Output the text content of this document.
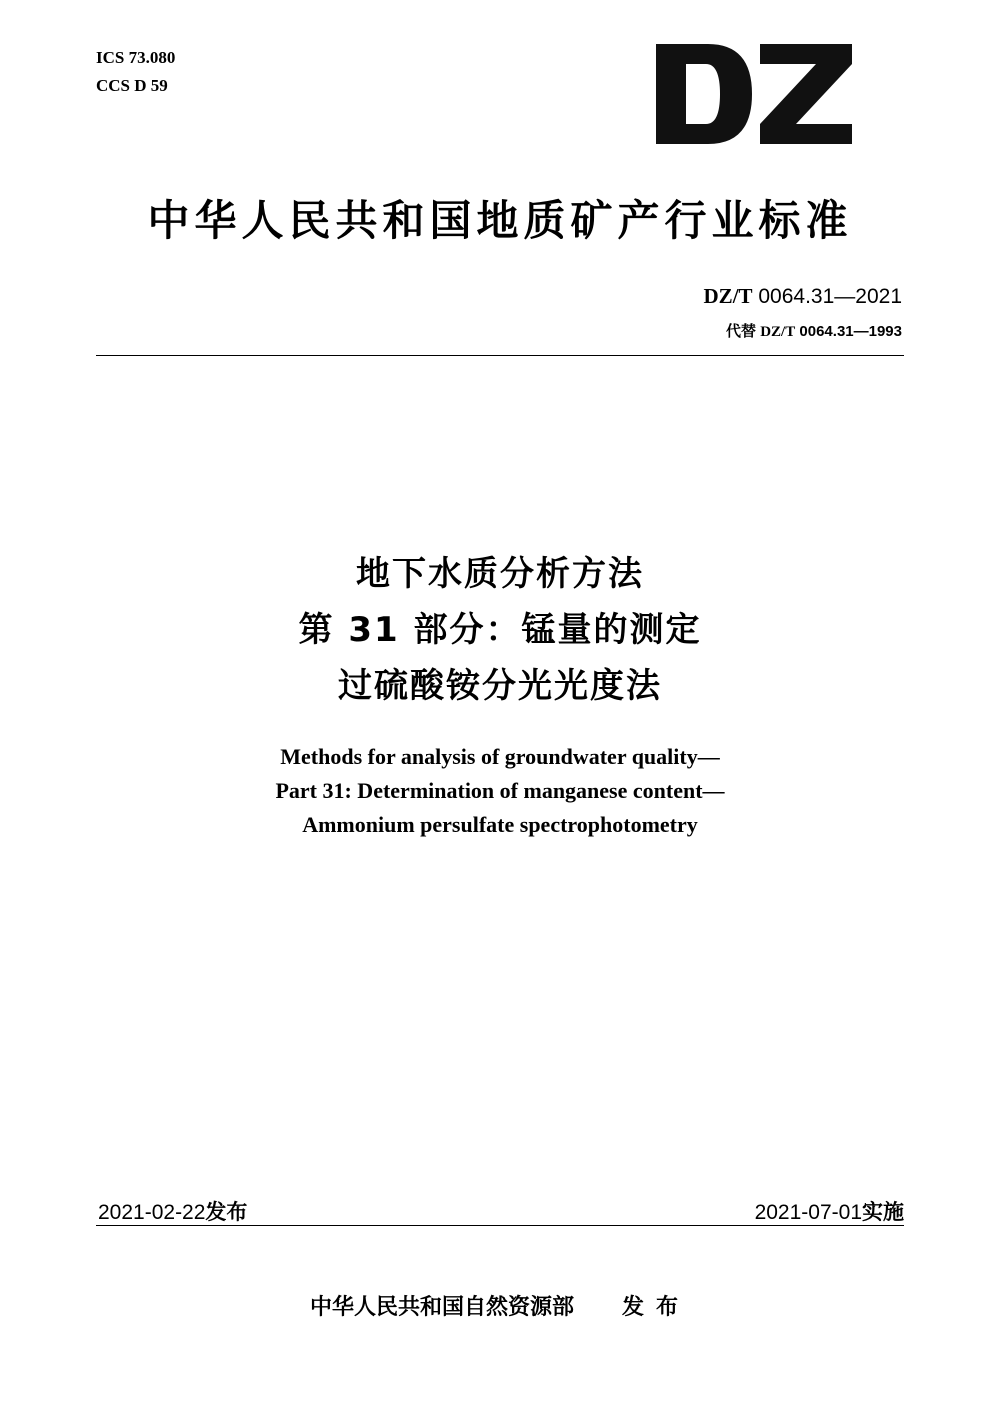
ICS 73.080
CCS D 59
中华人民共和国地质矿产行业标准
DZ/T 0064.31—2021
代替 DZ/T 0064.31—1993
地下水质分析方法
第 31 部分：锰量的测定
过硫酸铵分光光度法
Methods for analysis of groundwater quality—
Part 31: Determination of manganese content—
Ammonium persulfate spectrophotometry
2021-02-22发布	2021-07-01实施
中华人民共和国自然资源部 发布
